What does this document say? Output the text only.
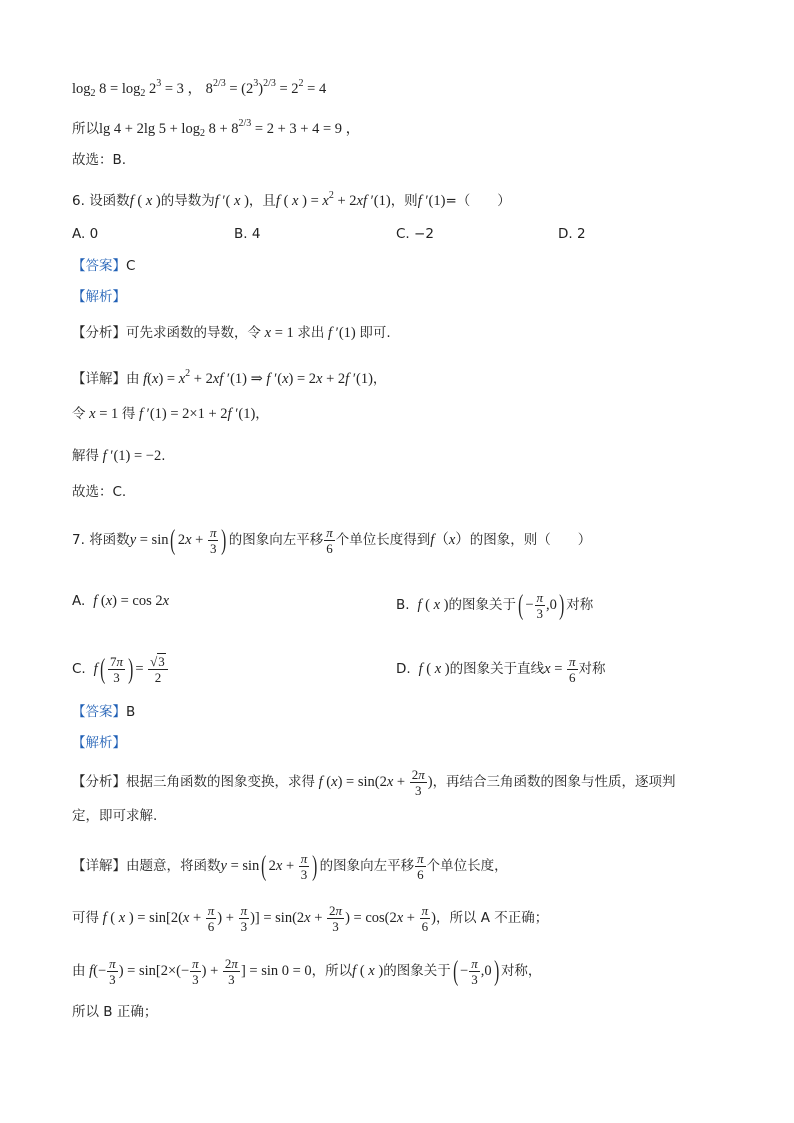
$\log_2 8 = \log_2 2^3 = 3$ ， $8^{2/3} = (2^3)^{2/3} = 2^2 = 4$
所以lg 4 + 2lg $5 + \log_2 8 + 8^{2/3} = 2 + 3 + 4 = 9$ ，
故选：B.
6. 设函数f ( x )的导数为f ′( x )，且f ( x ) = $x^2 + 2xf$ ′(1)，则f ′(1)=（　　）
A. 0	B. 4	C. −2	D. 2
【答案】C
【解析】
【分析】可先求函数的导数，令 x = 1 求出 f ′(1) 即可.
【详解】由 $f(x) = x^2 + 2xf$ ′(1) ⇒ f ′(x) = 2x + 2f ′(1)，
令 x = 1 得 f ′(1) = 2×1 + 2f ′(1)，
解得 f ′(1) = −2.
故选：C.
7. 将函数y = sin( $2x + \frac{\pi}{3}$ ) 的图象向左平移 $\frac{\pi}{6}$ 个单位长度得到f（x）的图象，则（　　）
A. f (x) = cos 2x	B. f ( x )的图象关于( − $\frac{\pi}{3} ,0$) 对称
C. $f( \frac{7\pi}{3}$ ) = $\frac{√3}{2}$	D. f ( x )的图象关于直线$x = \frac{\pi}{6}$ 对称
【答案】B
【解析】
【分析】根据三角函数的图象变换，求得 f $(x) = \sin(2x + \frac{2\pi}{3}$ )，再结合三角函数的图象与性质，逐项判
定，即可求解.
【详解】由题意，将函数y = sin( $2x + \frac{\pi}{3}$ ) 的图象向左平移 $\frac{\pi}{6}$ 个单位长度，
可得 f ( x ) = $\sin[2(x + \frac{\pi}{6}$ ) + $\frac{\pi}{3}$ )] = $\sin(2x + \frac{2\pi}{3}$ ) = $\cos(2x + \frac{\pi}{6}$ )，所以 A 不正确；
由 $f(- \frac{\pi}{3}$ ) = $\sin[2\times(- \frac{\pi}{3}$ ) + $\frac{2\pi}{3}$ ] = sin 0 = 0，所以f ( x )的图象关于( − $\frac{\pi}{3} ,0$) 对称，
所以 B 正确；
